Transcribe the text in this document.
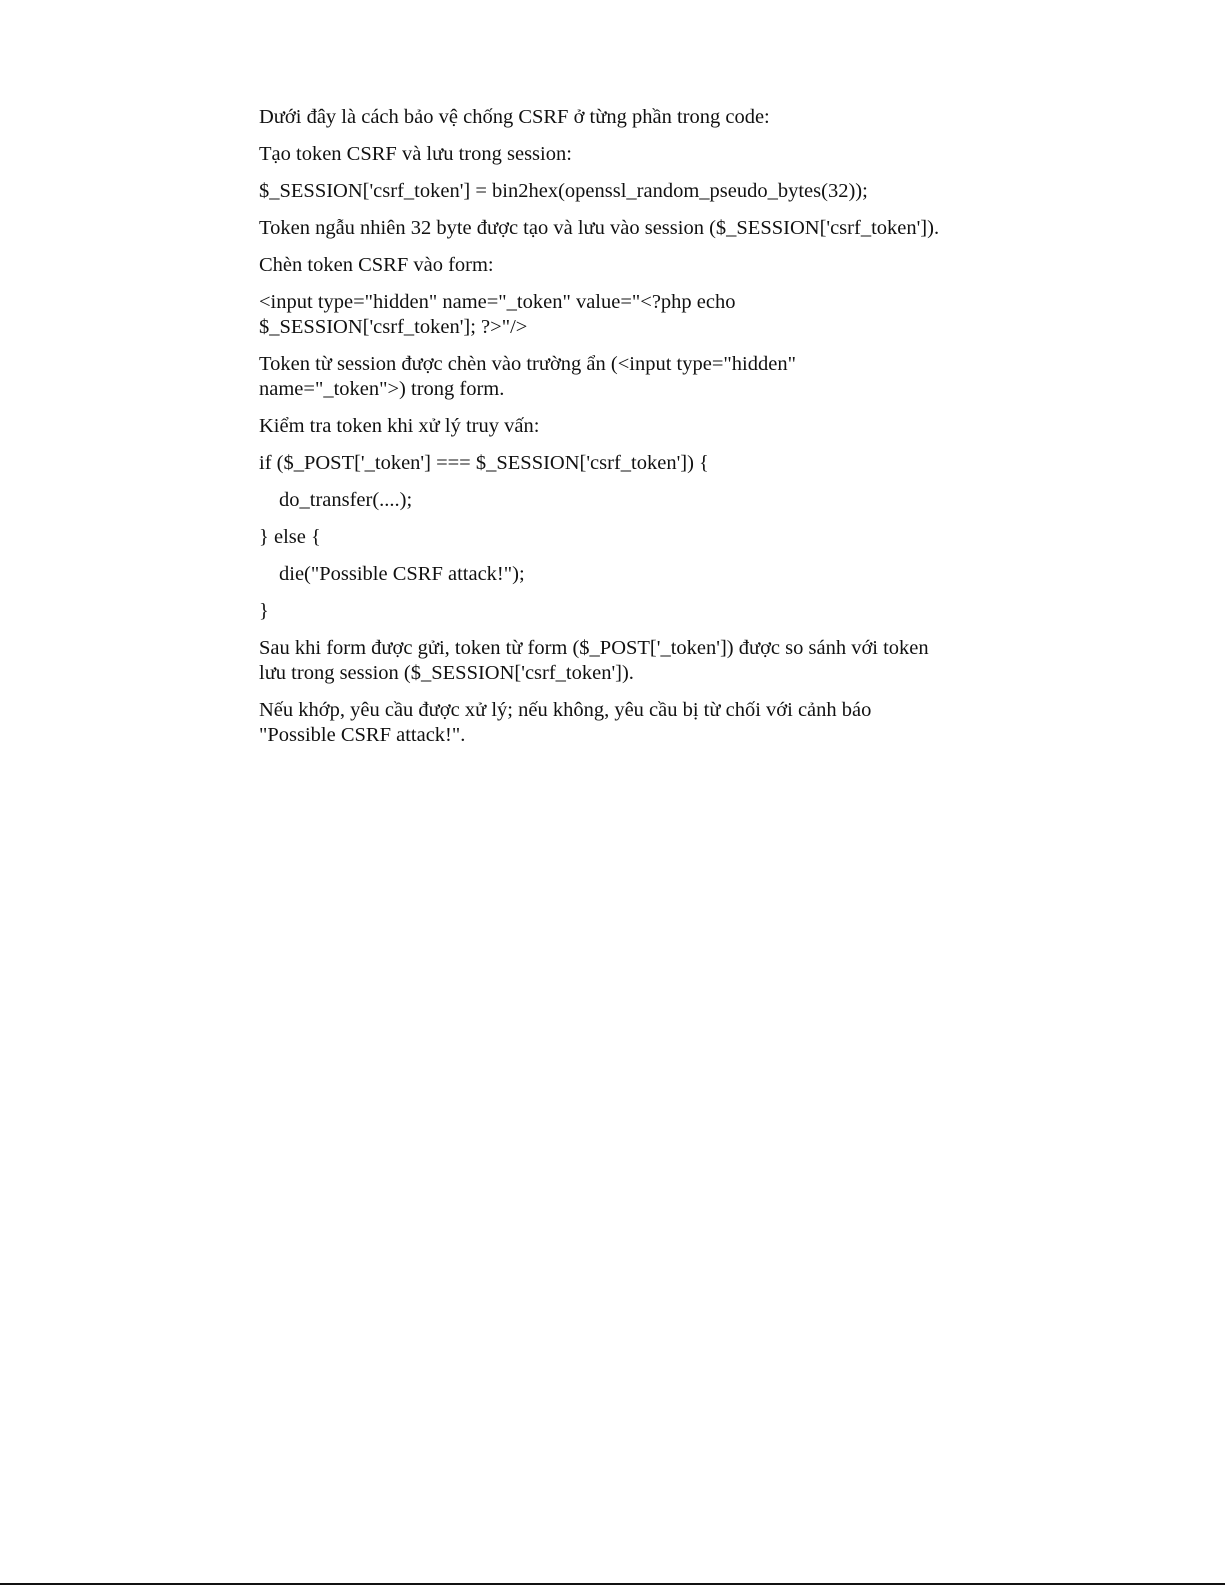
Dưới đây là cách bảo vệ chống CSRF ở từng phần trong code:

Tạo token CSRF và lưu trong session:

$_SESSION['csrf_token'] = bin2hex(openssl_random_pseudo_bytes(32));

Token ngẫu nhiên 32 byte được tạo và lưu vào session ($_SESSION['csrf_token']).

Chèn token CSRF vào form:

<input type="hidden" name="_token" value="<?php echo
$_SESSION['csrf_token']; ?>"/>

Token từ session được chèn vào trường ẩn (<input type="hidden"
name="_token">) trong form.

Kiểm tra token khi xử lý truy vấn:

if ($_POST['_token'] === $_SESSION['csrf_token']) {

do_transfer(....);

} else {

die("Possible CSRF attack!");

}

Sau khi form được gửi, token từ form ($_POST['_token']) được so sánh với token
lưu trong session ($_SESSION['csrf_token']).

Nếu khớp, yêu cầu được xử lý; nếu không, yêu cầu bị từ chối với cảnh báo
"Possible CSRF attack!".
